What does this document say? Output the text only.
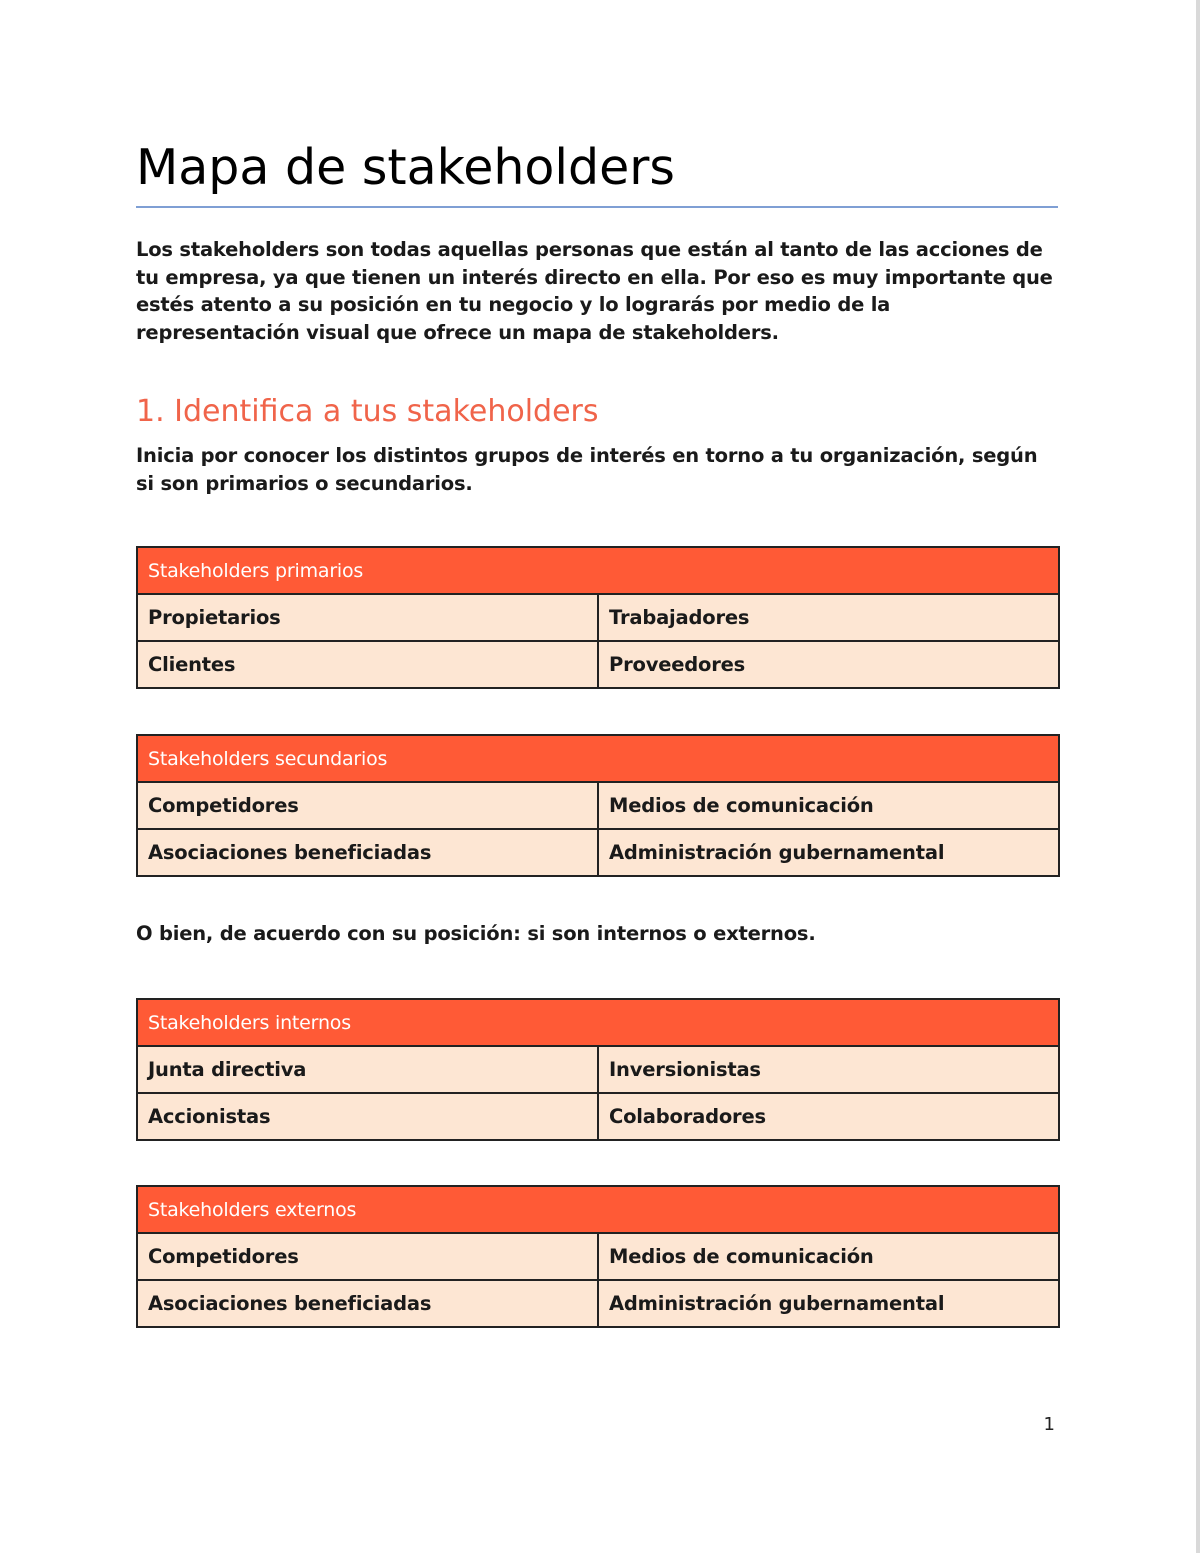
Mapa de stakeholders

Los stakeholders son todas aquellas personas que están al tanto de las acciones de tu empresa, ya que tienen un interés directo en ella. Por eso es muy importante que estés atento a su posición en tu negocio y lo lograrás por medio de la representación visual que ofrece un mapa de stakeholders.

1. Identifica a tus stakeholders

Inicia por conocer los distintos grupos de interés en torno a tu organización, según si son primarios o secundarios.

Stakeholders primarios	
Propietarios	Trabajadores
Clientes	Proveedores
Stakeholders secundarios	
Competidores	Medios de comunicación
Asociaciones beneficiadas	Administración gubernamental

O bien, de acuerdo con su posición: si son internos o externos.

Stakeholders internos	
Junta directiva	Inversionistas
Accionistas	Colaboradores
Stakeholders externos	
Competidores	Medios de comunicación
Asociaciones beneficiadas	Administración gubernamental
1
